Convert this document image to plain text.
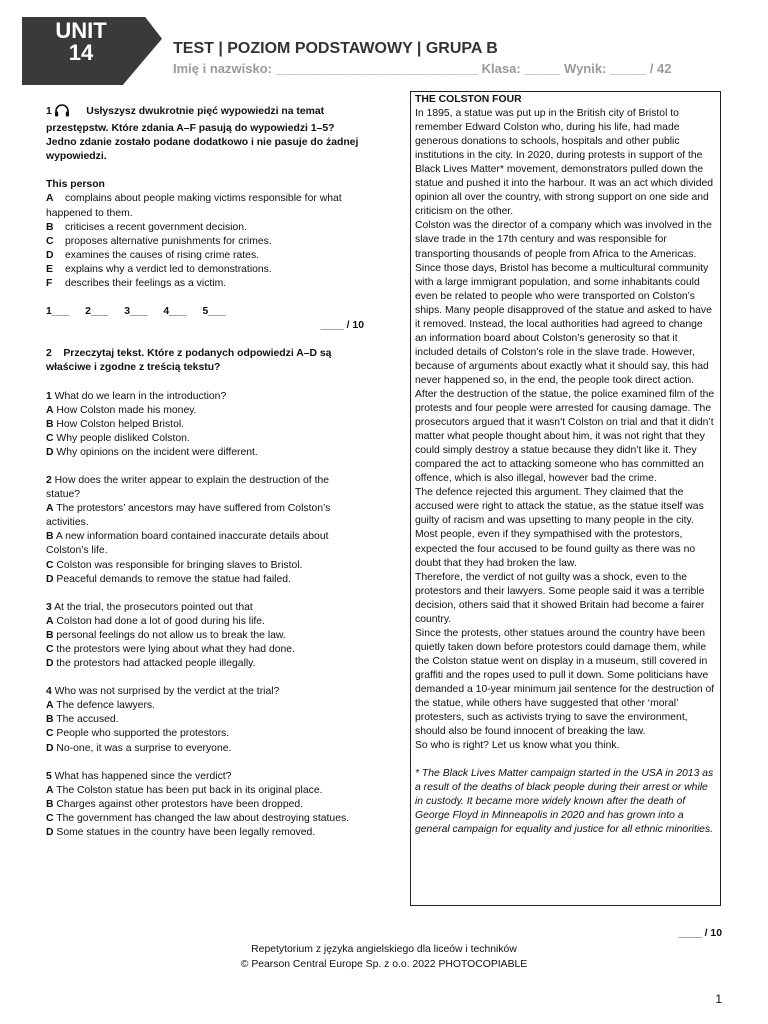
UNIT
14	TEST | POZIOM PODSTAWOWY | GRUPA B
Imię i nazwisko: ____________________________ Klasa: _____ Wynik: _____ / 42

1	Usłyszysz dwukrotnie pięć wypowiedzi na temat przestępstw. Które zdania A–F pasują do wypowiedzi 1–5? Jedno zdanie zostało podane dodatkowo i nie pasuje do żadnej wypowiedzi.

This person

A complains about people making victims responsible for what happened to them.

B criticises a recent government decision.

C proposes alternative punishments for crimes.

D examines the causes of rising crime rates.

E explains why a verdict led to demonstrations.

F describes their feelings as a victim.

1___ 2___ 3___ 4___ 5___

____ / 10

2 Przeczytaj tekst. Które z podanych odpowiedzi A–D są właściwe i zgodne z treścią tekstu?

1 What do we learn in the introduction?

A How Colston made his money.

B How Colston helped Bristol.

C Why people disliked Colston.

D Why opinions on the incident were different.

2 How does the writer appear to explain the destruction of the statue?

A The protestors’ ancestors may have suffered from Colston’s activities.

B A new information board contained inaccurate details about Colston’s life.

C Colston was responsible for bringing slaves to Bristol.

D Peaceful demands to remove the statue had failed.

3 At the trial, the prosecutors pointed out that

A Colston had done a lot of good during his life.

B personal feelings do not allow us to break the law.

C the protestors were lying about what they had done.

D the protestors had attacked people illegally.

4 Who was not surprised by the verdict at the trial?

A The defence lawyers.

B The accused.

C People who supported the protestors.

D No-one, it was a surprise to everyone.

5 What has happened since the verdict?

A The Colston statue has been put back in its original place.

B Charges against other protestors have been dropped.

C The government has changed the law about destroying statues.

D Some statues in the country have been legally removed.

THE COLSTON FOUR

In 1895, a statue was put up in the British city of Bristol to remember Edward Colston who, during his life, had made generous donations to schools, hospitals and other public institutions in the city. In 2020, during protests in support of the Black Lives Matter* movement, demonstrators pulled down the statue and pushed it into the harbour. It was an act which divided opinion all over the country, with strong support on one side and criticism on the other.

Colston was the director of a company which was involved in the slave trade in the 17th century and was responsible for transporting thousands of people from Africa to the Americas. Since those days, Bristol has become a multicultural community with a large immigrant population, and some inhabitants could even be related to people who were transported on Colston’s ships. Many people disapproved of the statue and asked to have it removed. Instead, the local authorities had agreed to change an information board about Colston’s generosity so that it included details of Colston’s role in the slave trade. However, because of arguments about exactly what it should say, this had never happened so, in the end, the people took direct action.

After the destruction of the statue, the police examined film of the protests and four people were arrested for causing damage. The prosecutors argued that it wasn’t Colston on trial and that it didn’t matter what people thought about him, it was not right that they could simply destroy a statue because they didn’t like it. They compared the act to attacking someone who has committed an offence, which is also illegal, however bad the crime.

The defence rejected this argument. They claimed that the accused were right to attack the statue, as the statue itself was guilty of racism and was upsetting to many people in the city. Most people, even if they sympathised with the protestors, expected the four accused to be found guilty as there was no doubt that they had broken the law.

Therefore, the verdict of not guilty was a shock, even to the protestors and their lawyers. Some people said it was a terrible decision, others said that it showed Britain had become a fairer country.

Since the protests, other statues around the country have been quietly taken down before protestors could damage them, while the Colston statue went on display in a museum, still covered in graffiti and the ropes used to pull it down. Some politicians have demanded a 10-year minimum jail sentence for the destruction of the statue, while others have suggested that other ‘moral’ protesters, such as activists trying to save the environment, should also be found innocent of breaking the law.

So who is right? Let us know what you think.

* The Black Lives Matter campaign started in the USA in 2013 as a result of the deaths of black people during their arrest or while in custody. It became more widely known after the death of George Floyd in Minneapolis in 2020 and has grown into a general campaign for equality and justice for all ethnic minorities.

____ / 10
Repetytorium z języka angielskiego dla liceów i techników
© Pearson Central Europe Sp. z o.o. 2022 PHOTOCOPIABLE
1
